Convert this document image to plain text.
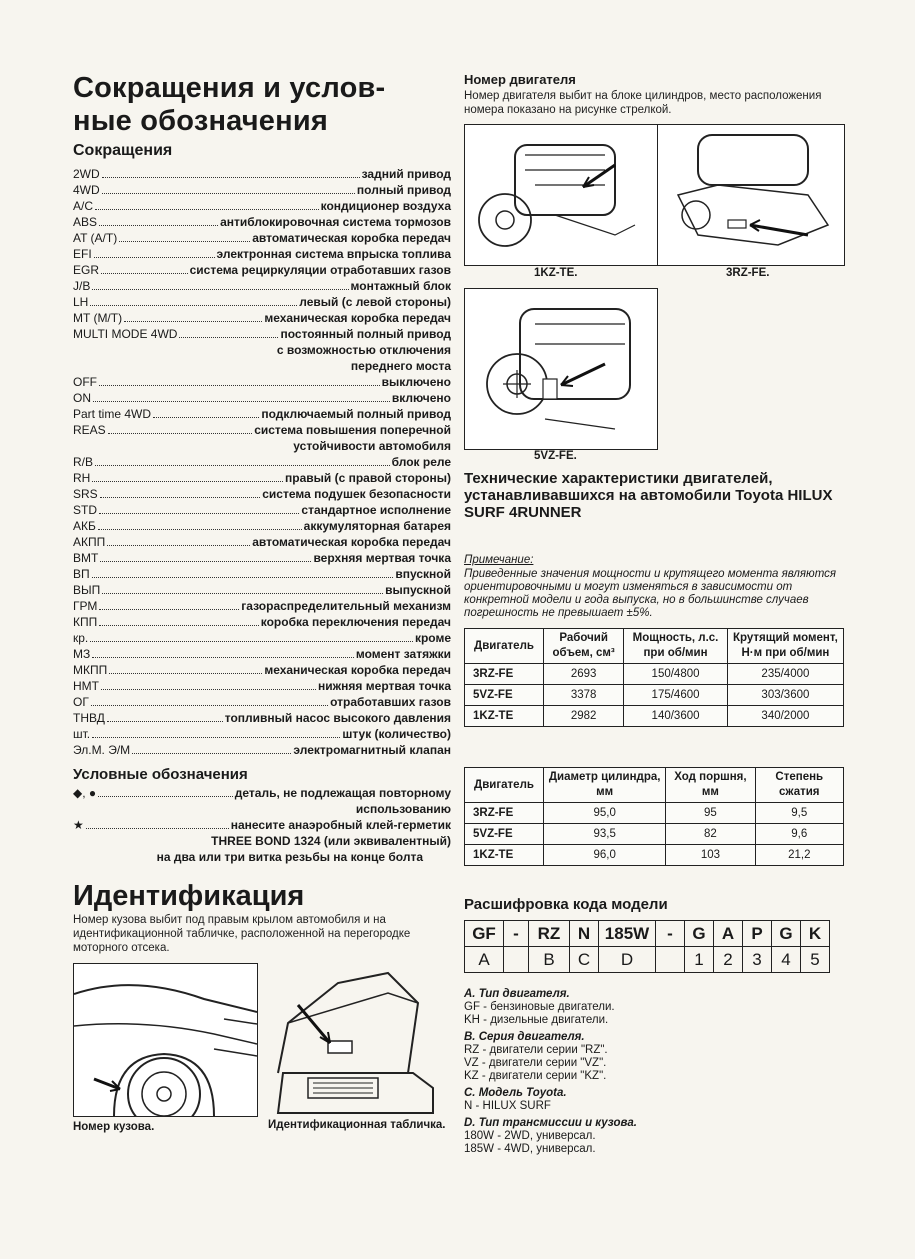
Сокращения и услов-
ные обозначения
Сокращения
2WD	задний привод
4WD	полный привод
A/C	кондиционер воздуха
ABS	антиблокировочная система тормозов
AT (A/T)	автоматическая коробка передач
EFI	электронная система впрыска топлива
EGR	система рециркуляции отработавших газов
J/B	монтажный блок
LH	левый (с левой стороны)
MT (M/T)	механическая коробка передач
MULTI MODE 4WD	постоянный полный привод
с возможностью отключения
переднего моста
OFF	выключено
ON	включено
Part time 4WD	подключаемый полный привод
REAS	система повышения поперечной
устойчивости автомобиля
R/B	блок реле
RH	правый (с правой стороны)
SRS	система подушек безопасности
STD	стандартное исполнение
АКБ	аккумуляторная батарея
АКПП	автоматическая коробка передач
ВМТ	верхняя мертвая точка
ВП	впускной
ВЫП	выпускной
ГРМ	газораспределительный механизм
КПП	коробка переключения передач
кр.	кроме
МЗ	момент затяжки
МКПП	механическая коробка передач
НМТ	нижняя мертвая точка
ОГ	отработавших газов
ТНВД	топливный насос высокого давления
шт.	штук (количество)
Эл.М. Э/М	электромагнитный клапан
Условные обозначения
◆, ●	деталь, не подлежащая повторному
использованию
★	нанесите анаэробный клей-герметик
THREE BOND 1324 (или эквивалентный)
на два или три витка резьбы на конце болта
Идентификация
Номер кузова выбит под правым крылом автомобиля и на идентификационной табличке, расположенной на перегородке моторного отсека.
Номер кузова.	Идентификационная табличка.
Номер двигателя
Номер двигателя выбит на блоке цилиндров, место расположения номера показано на рисунке стрелкой.
1KZ-TE.	3RZ-FE.
5VZ-FE.
Технические характеристики двигателей, устанавливавшихся на автомобили Toyota HILUX SURF 4RUNNER
Примечание:
Приведенные значения мощности и крутящего момента являются ориентировочными и могут изменяться в зависимости от конкретной модели и года выпуска, но в большинстве случаев погрешность не превышает ±5%.
Двигатель	Рабочий объем, см³	Мощность, л.с. при об/мин	Крутящий момент, Н·м при об/мин
3RZ-FE	2693	150/4800	235/4000
5VZ-FE	3378	175/4600	303/3600
1KZ-TE	2982	140/3600	340/2000
Двигатель	Диаметр цилиндра, мм	Ход поршня, мм	Степень сжатия
3RZ-FE	95,0	95	9,5
5VZ-FE	93,5	82	9,6
1KZ-TE	96,0	103	21,2
Расшифровка кода модели
GF	-	RZ	N	185W	-	G	A	P	G	K
A		B	C	D		1	2	3	4	5
A. Тип двигателя.
GF - бензиновые двигатели.
KH - дизельные двигатели.
B. Серия двигателя.
RZ - двигатели серии "RZ".
VZ - двигатели серии "VZ".
KZ - двигатели серии "KZ".
C. Модель Toyota.
N - HILUX SURF
D. Тип трансмиссии и кузова.
180W - 2WD, универсал.
185W - 4WD, универсал.
